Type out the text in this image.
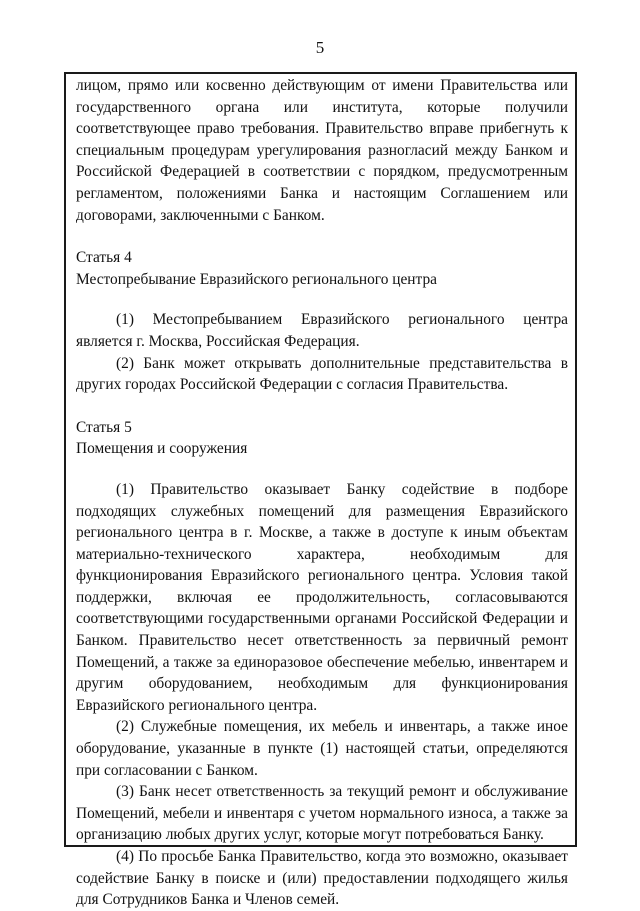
5

лицом, прямо или косвенно действующим от имени Правительства или государственного органа или института, которые получили соответствующее право требования. Правительство вправе прибегнуть к специальным процедурам урегулирования разногласий между Банком и Российской Федерацией в соответствии с порядком, предусмотренным регламентом, положениями Банка и настоящим Соглашением или договорами, заключенными с Банком.

Статья 4

Местопребывание Евразийского регионального центра

(1) Местопребыванием Евразийского регионального центра является г. Москва, Российская Федерация.

(2) Банк может открывать дополнительные представительства в других городах Российской Федерации с согласия Правительства.

Статья 5

Помещения и сооружения

(1) Правительство оказывает Банку содействие в подборе подходящих служебных помещений для размещения Евразийского регионального центра в г. Москве, а также в доступе к иным объектам материально-технического характера, необходимым для функционирования Евразийского регионального центра. Условия такой поддержки, включая ее продолжительность, согласовываются соответствующими государственными органами Российской Федерации и Банком. Правительство несет ответственность за первичный ремонт Помещений, а также за единоразовое обеспечение мебелью, инвентарем и другим оборудованием, необходимым для функционирования Евразийского регионального центра.

(2) Служебные помещения, их мебель и инвентарь, а также иное оборудование, указанные в пункте (1) настоящей статьи, определяются при согласовании с Банком.

(3) Банк несет ответственность за текущий ремонт и обслуживание Помещений, мебели и инвентаря с учетом нормального износа, а также за организацию любых других услуг, которые могут потребоваться Банку.

(4) По просьбе Банка Правительство, когда это возможно, оказывает содействие Банку в поиске и (или) предоставлении подходящего жилья для Сотрудников Банка и Членов семей.
